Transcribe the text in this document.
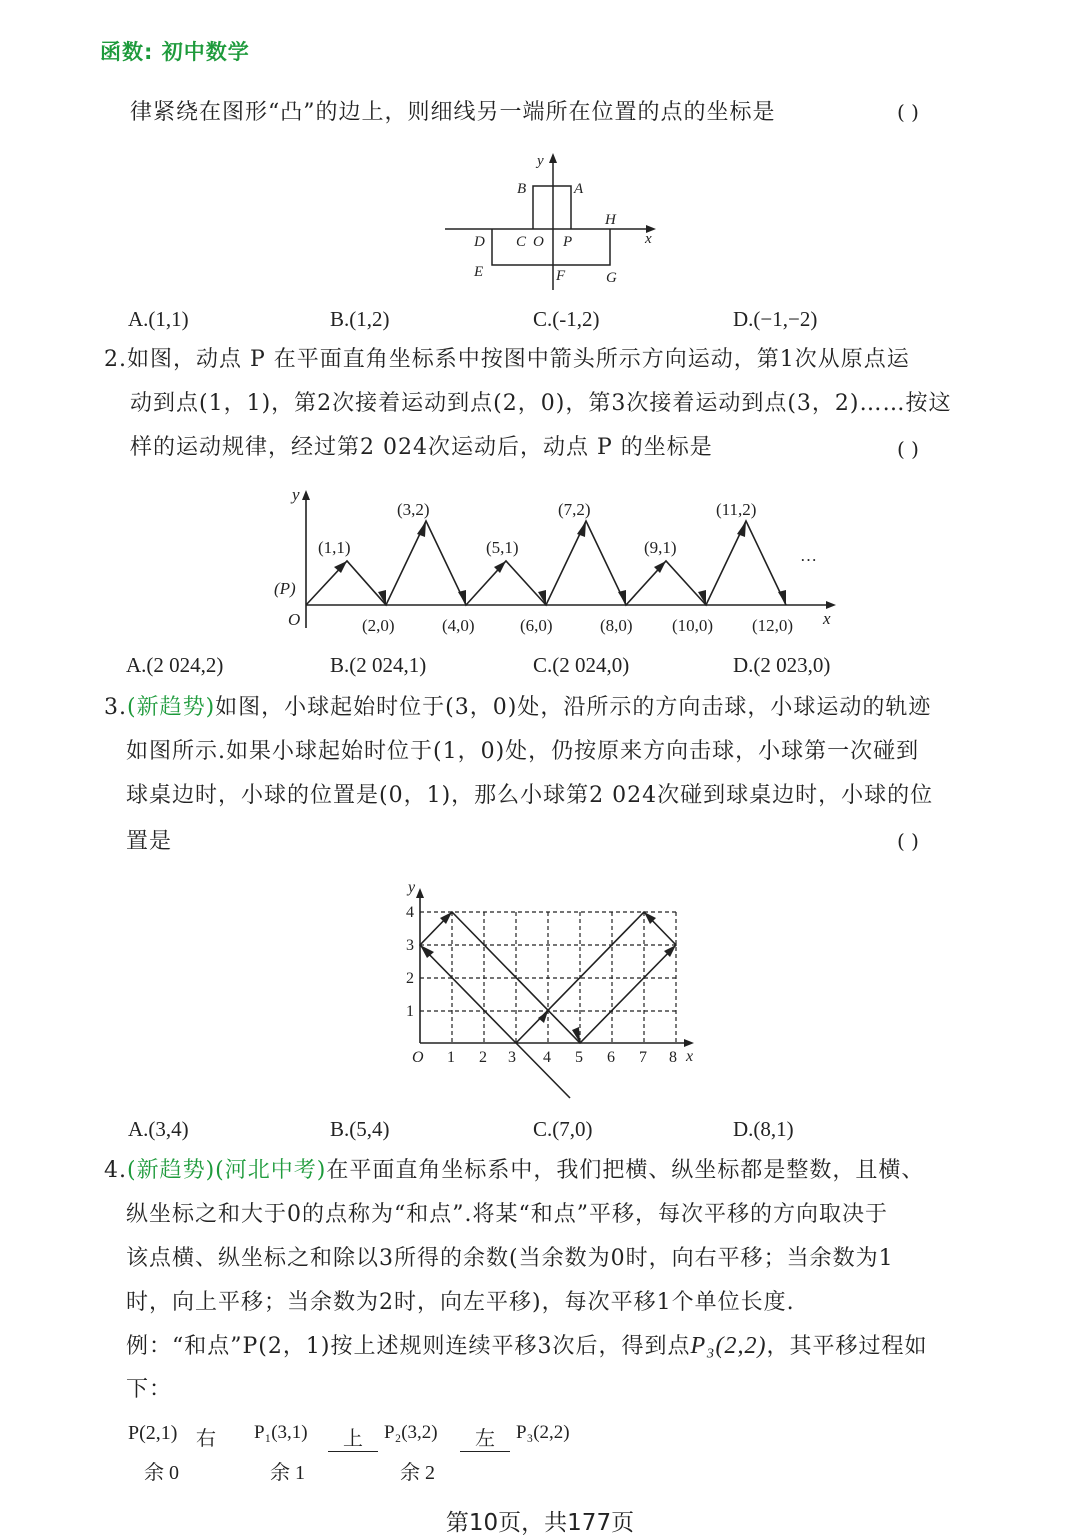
函数: 初中数学
律紧绕在图形“凸”的边上，则细线另一端所在位置的点的坐标是	( )
y
x
B	A
H
D C O P
E	F	G
A.(1,1)	B.(1,2)	C.(-1,2)	D.(−1,−2)
2.如图，动点 P 在平面直角坐标系中按图中箭头所示方向运动，第1次从原点运
动到点(1，1)，第2次接着运动到点(2，0)，第3次接着运动到点(3，2)……按这
样的运动规律，经过第2 024次运动后，动点 P 的坐标是	( )
y
x
O
(P)
…
(1,1)
(3,2)
(5,1)
(7,2)
(9,1)
(11,2)
(2,0)	(4,0)	(6,0)	(8,0) (10,0) (12,0)
A.(2 024,2)	B.(2 024,1)	C.(2 024,0)	D.(2 023,0)
3.(新趋势)如图，小球起始时位于(3，0)处，沿所示的方向击球，小球运动的轨迹
如图所示.如果小球起始时位于(1，0)处，仍按原来方向击球，小球第一次碰到
球桌边时，小球的位置是(0，1)，那么小球第2 024次碰到球桌边时，小球的位
置是	( )
y
x
O 1 2 3 4 5 6 7 8
1
2
3
4
A.(3,4)	B.(5,4)	C.(7,0)	D.(8,1)
4.(新趋势)(河北中考)在平面直角坐标系中，我们把横、纵坐标都是整数，且横、
纵坐标之和大于0的点称为“和点”.将某“和点”平移，每次平移的方向取决于
该点横、纵坐标之和除以3所得的余数(当余数为0时，向右平移；当余数为1
时，向上平移；当余数为2时，向左平移)，每次平移1个单位长度.
例：“和点”P(2，1)按上述规则连续平移3次后，得到点P₃(2,2)，其平移过程如
下：
P(2,1) 右
余 0
P₁(3,1)	上
余 1
P₂(3,2)	左
余 2
P₃(2,2)
第10页，共177页
